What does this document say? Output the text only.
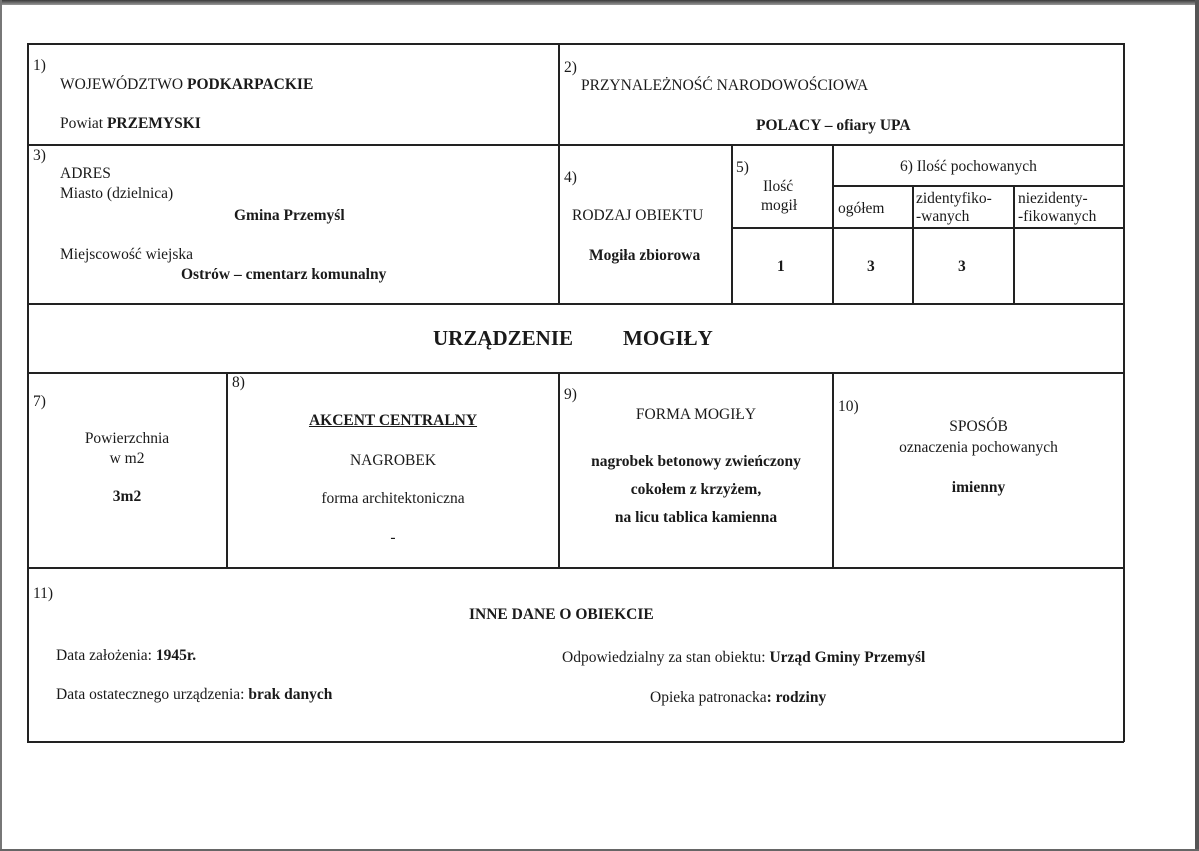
1)
WOJEWÓDZTWO PODKARPACKIE
Powiat PRZEMYSKI
2)
PRZYNALEŻNOŚĆ NARODOWOŚCIOWA
POLACY – ofiary UPA
3)
ADRES
Miasto (dzielnica)
Gmina Przemyśl
Miejscowość wiejska
Ostrów – cmentarz komunalny
4)
RODZAJ OBIEKTU
Mogiła zbiorowa
5)
Ilość
mogił
1
6) Ilość pochowanych
ogółem
zidentyfiko-
-wanych
niezidenty-
-fikowanych
3	3
URZĄDZENIE MOGIŁY
7)
Powierzchnia
w m2
3m2
8)
AKCENT CENTRALNY
NAGROBEK
forma architektoniczna
-
9)
FORMA MOGIŁY
nagrobek betonowy zwieńczony
cokołem z krzyżem,
na licu tablica kamienna
10)
SPOSÓB
oznaczenia pochowanych
imienny
11)
INNE DANE O OBIEKCIE
Data założenia: 1945r.
Data ostatecznego urządzenia: brak danych
Odpowiedzialny za stan obiektu: Urząd Gminy Przemyśl
Opieka patronacka: rodziny
